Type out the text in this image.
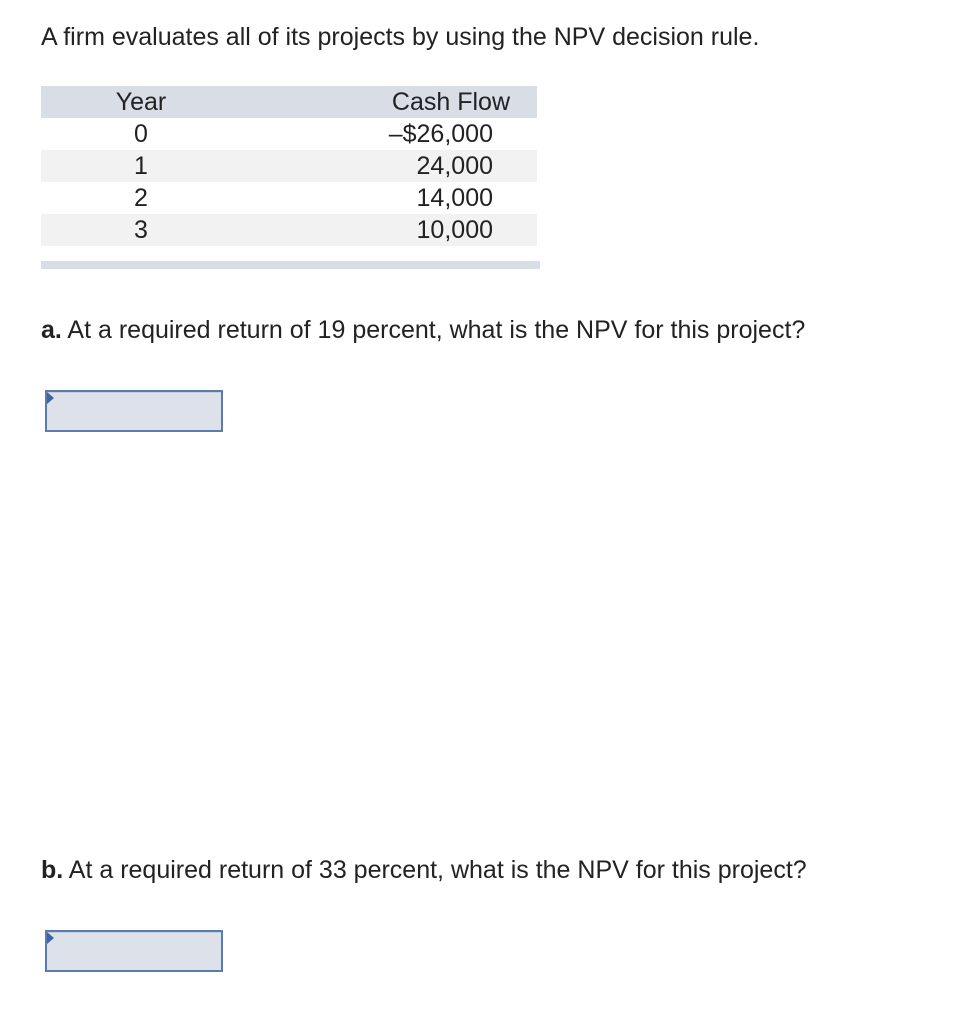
A firm evaluates all of its projects by using the NPV decision rule.
Year	Cash Flow
0	–$26,000
1	24,000
2	14,000
3	10,000
a. At a required return of 19 percent, what is the NPV for this project?
b. At a required return of 33 percent, what is the NPV for this project?
